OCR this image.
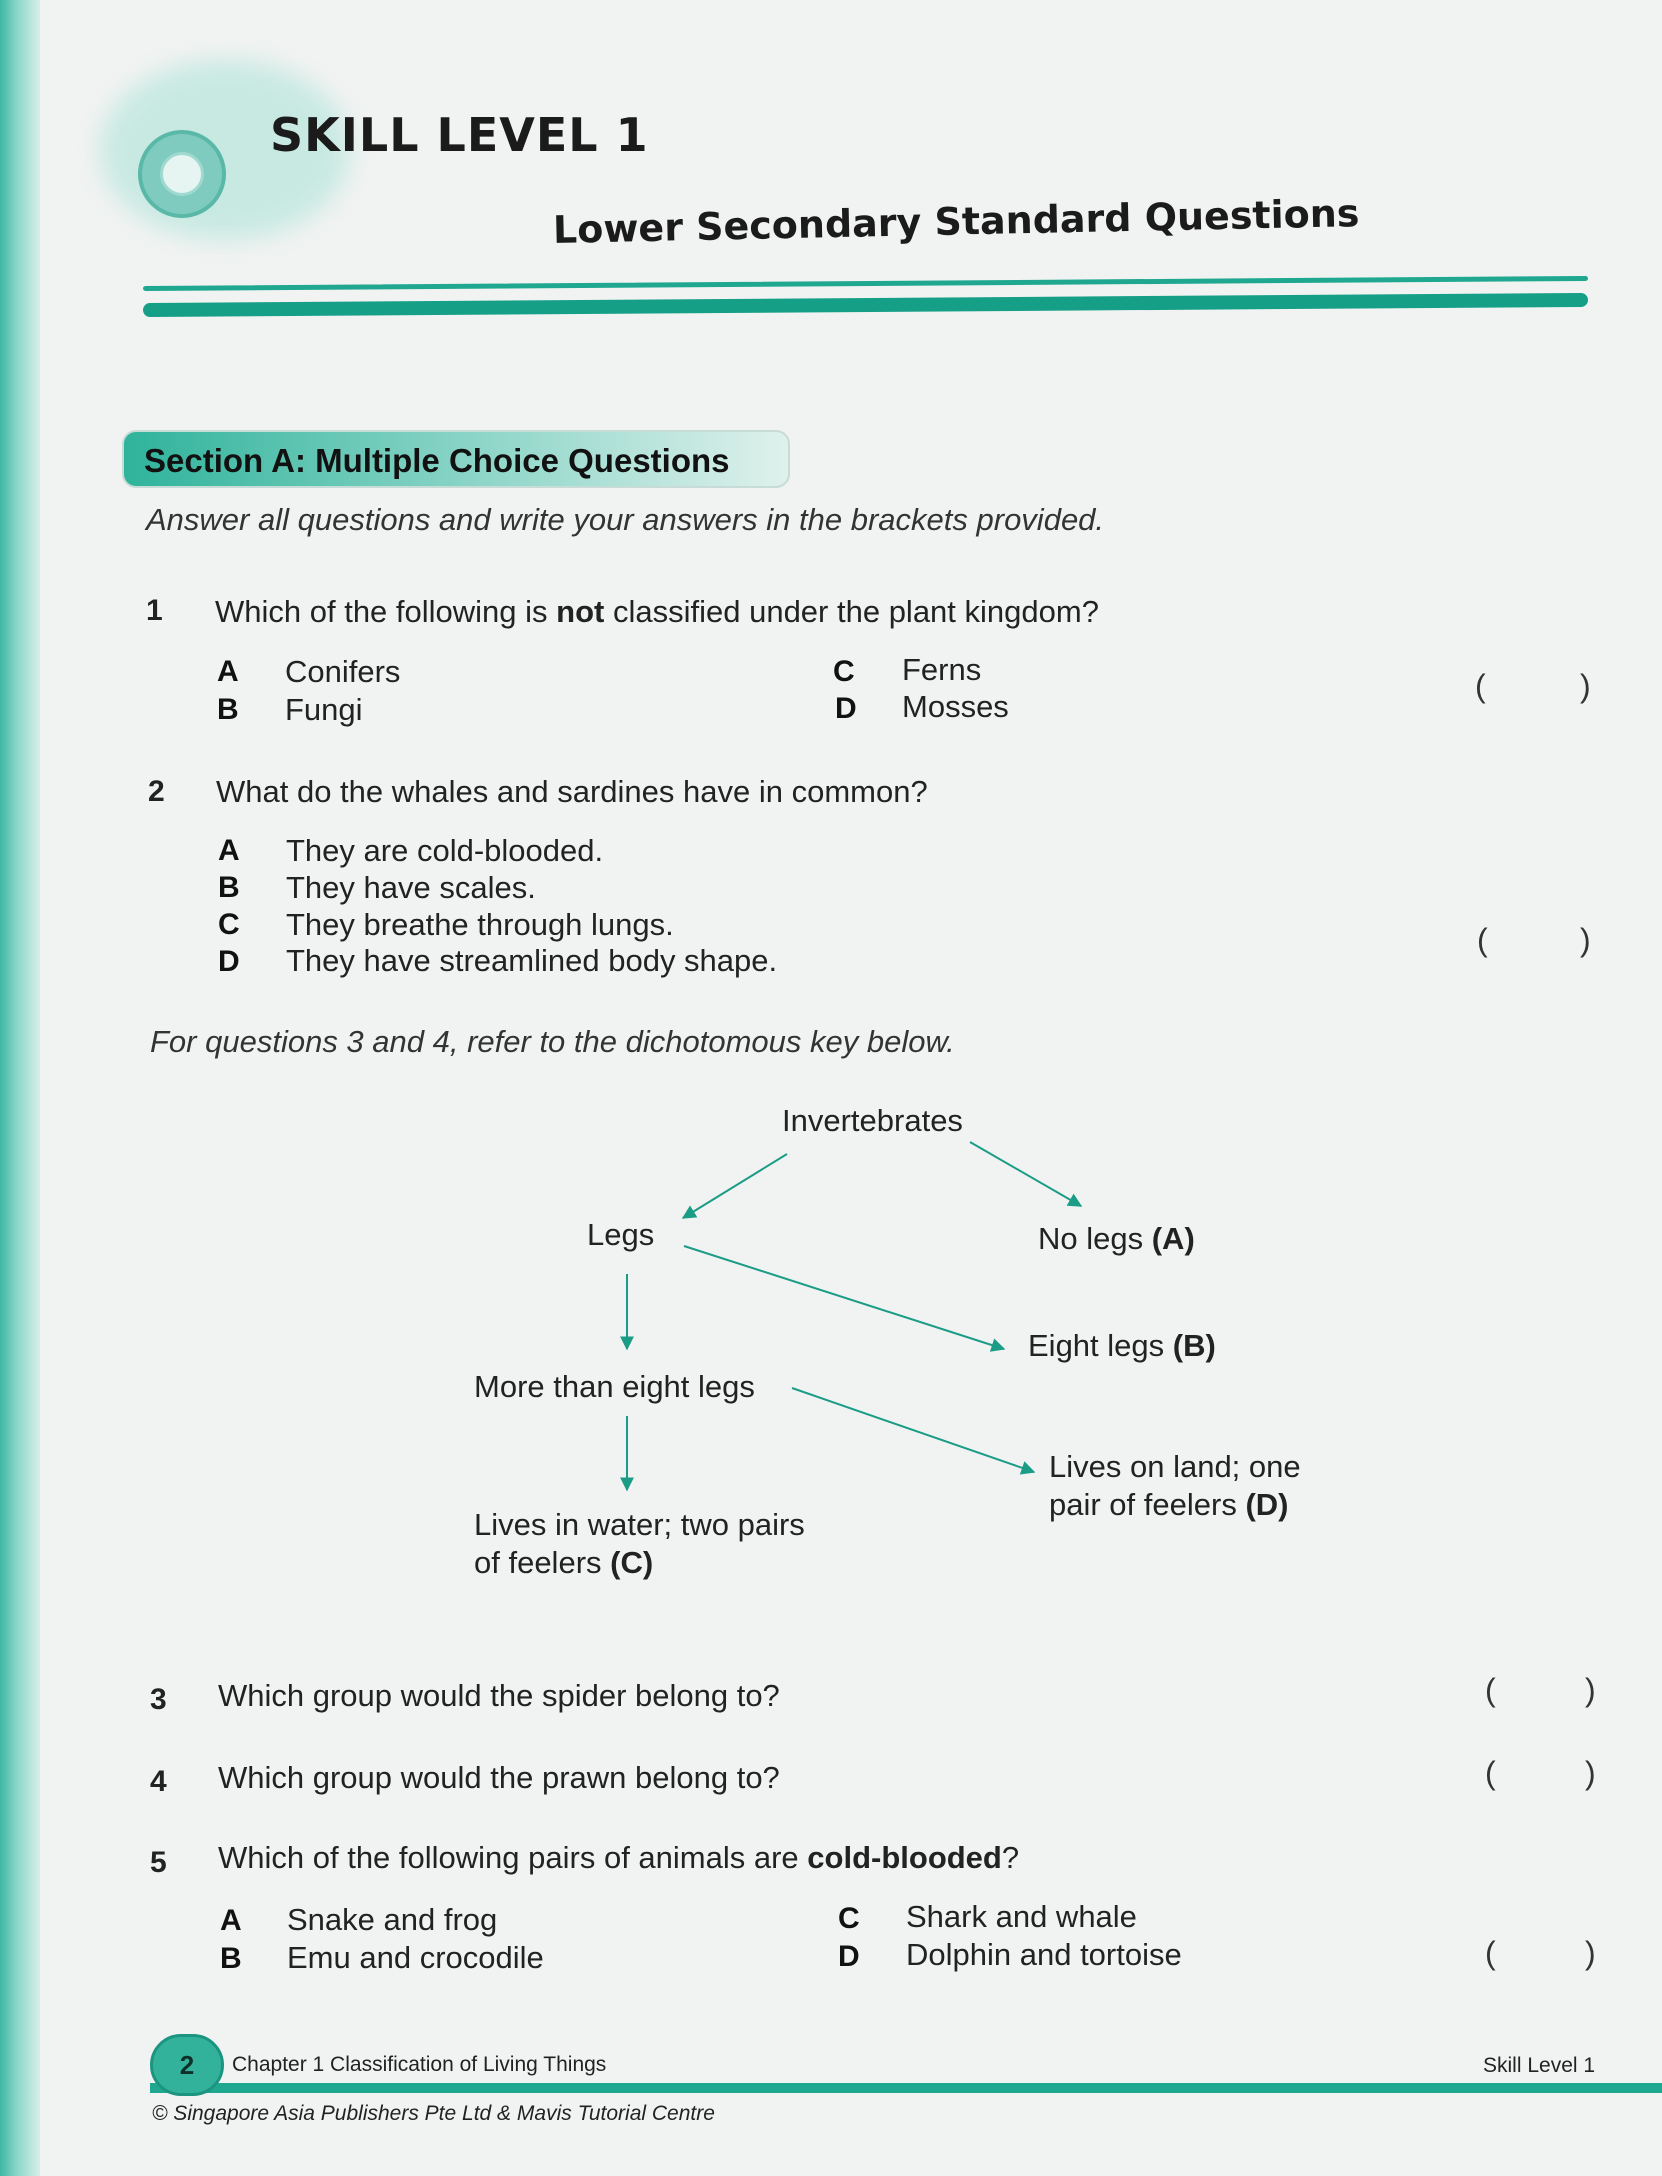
SKILL LEVEL 1
Lower Secondary Standard Questions
Section A: Multiple Choice Questions
Answer all questions and write your answers in the brackets provided.
1 Which of the following is not classified under the plant kingdom?
A Conifers
B Fungi
C Ferns
D Mosses
(	)
2 What do the whales and sardines have in common?
A They are cold-blooded.
B They have scales.
C They breathe through lungs.
D They have streamlined body shape.
(	)
For questions 3 and 4, refer to the dichotomous key below.
Invertebrates
Legs	No legs (A)
Eight legs (B)
More than eight legs
Lives on land; one
pair of feelers (D)
Lives in water; two pairs
of feelers (C)
3 Which group would the spider belong to?	(	)
4 Which group would the prawn belong to?	(	)
5 Which of the following pairs of animals are cold-blooded?
A Snake and frog
B Emu and crocodile
C Shark and whale
D Dolphin and tortoise	(	)
2	Chapter 1 Classification of Living Things	Skill Level 1
© Singapore Asia Publishers Pte Ltd & Mavis Tutorial Centre
